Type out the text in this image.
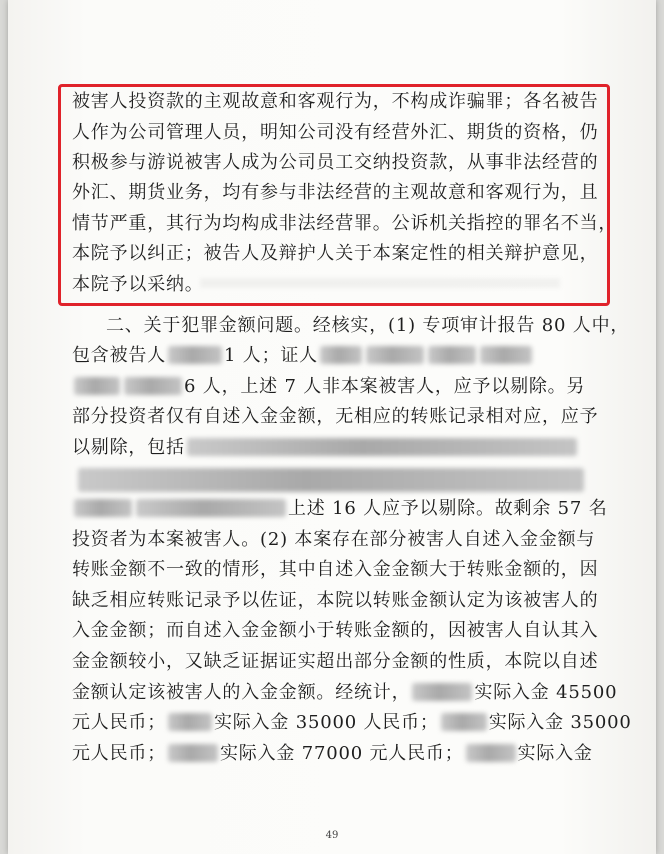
被害人投资款的主观故意和客观行为，不构成诈骗罪；各名被告
人作为公司管理人员，明知公司没有经营外汇、期货的资格，仍
积极参与游说被害人成为公司员工交纳投资款，从事非法经营的
外汇、期货业务，均有参与非法经营的主观故意和客观行为，且
情节严重，其行为均构成非法经营罪。公诉机关指控的罪名不当，
本院予以纠正；被告人及辩护人关于本案定性的相关辩护意见，
本院予以采纳。
二、关于犯罪金额问题。经核实，(1) 专项审计报告 80 人中，
包含被告人	1 人；证人
6 人，上述 7 人非本案被害人，应予以剔除。另
部分投资者仅有自述入金金额，无相应的转账记录相对应，应予
以剔除，包括
上述 16 人应予以剔除。故剩余 57 名
投资者为本案被害人。(2) 本案存在部分被害人自述入金金额与
转账金额不一致的情形，其中自述入金金额大于转账金额的，因
缺乏相应转账记录予以佐证，本院以转账金额认定为该被害人的
入金金额；而自述入金金额小于转账金额的，因被害人自认其入
金金额较小，又缺乏证据证实超出部分金额的性质，本院以自述
金额认定该被害人的入金金额。经统计，	实际入金 45500
元人民币；	实际入金 35000 人民币；	实际入金 35000
元人民币；	实际入金 77000 元人民币；	实际入金
49
